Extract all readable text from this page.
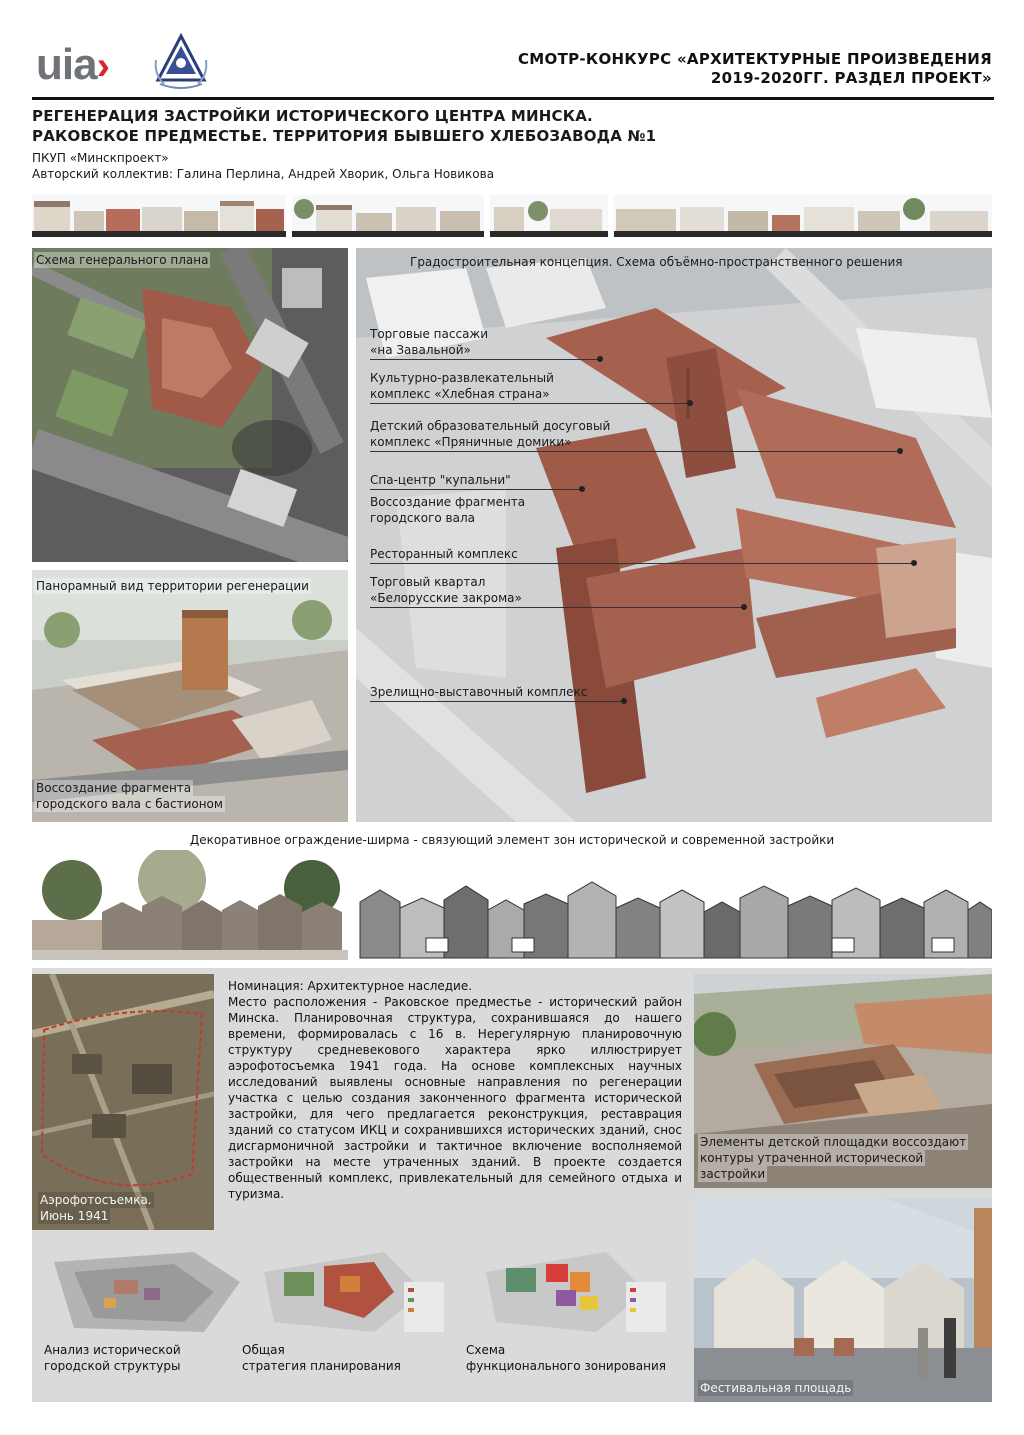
uia›	СМОТР-КОНКУРС «АРХИТЕКТУРНЫЕ ПРОИЗВЕДЕНИЯ
2019-2020ГГ. РАЗДЕЛ ПРОЕКТ»
РЕГЕНЕРАЦИЯ ЗАСТРОЙКИ ИСТОРИЧЕСКОГО ЦЕНТРА МИНСКА.
РАКОВСКОЕ ПРЕДМЕСТЬЕ. ТЕРРИТОРИЯ БЫВШЕГО ХЛЕБОЗАВОДА №1
ПКУП «Минскпроект»
Авторский коллектив: Галина Перлина, Андрей Хворик, Ольга Новикова
Схема генерального плана
Панорамный вид территории регенерации
Воссоздание фрагмента
городского вала с бастионом
Градостроительная концепция. Схема объёмно-пространственного решения
Торговые пассажи
«на Завальной»
Культурно-развлекательный
комплекс «Хлебная страна»
Детский образовательный досуговый
комплекс «Пряничные домики»
Спа-центр "купальни"
Воссоздание фрагмента
городского вала
Ресторанный комплекс
Торговый квартал
«Белорусские закрома»
Зрелищно-выставочный комплекс
Декоративное ограждение-ширма - связующий элемент зон исторической и современной застройки
Аэрофотосъемка.
Июнь 1941
Номинация: Архитектурное наследие.
Место расположения - Раковское предместье - исторический район Минска. Планировочная структура, сохранившаяся до нашего времени, формировалась с 16 в. Нерегулярную планировочную структуру средневекового характера ярко иллюстрирует аэрофотосъемка 1941 года. На основе комплексных научных исследований выявлены основные направления по регенерации участка с целью создания законченного фрагмента исторической застройки, для чего предлагается реконструкция, реставрация зданий со статусом ИКЦ и сохранившихся исторических зданий, снос дисгармоничной застройки и тактичное включение восполняемой застройки на месте утраченных зданий. В проекте создается общественный комплекс, привлекательный для семейного отдыха и туризма.
Элементы детской площадки воссоздают
контуры утраченной исторической
застройки
Фестивальная площадь
Анализ исторической
городской структуры
Общая
стратегия планирования
Схема
функционального зонирования
